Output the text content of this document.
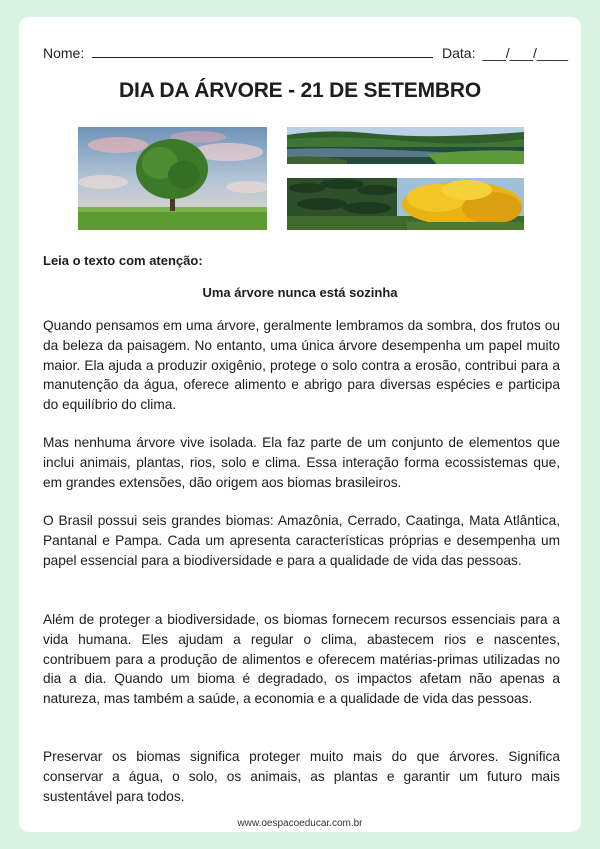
Nome:	Data: ___/___/____
DIA DA ÁRVORE - 21 DE SETEMBRO
Leia o texto com atenção:
Uma árvore nunca está sozinha

Quando pensamos em uma árvore, geralmente lembramos da sombra, dos frutos ou da beleza da paisagem. No entanto, uma única árvore desempenha um papel muito maior. Ela ajuda a produzir oxigênio, protege o solo contra a erosão, contribui para a manutenção da água, oferece alimento e abrigo para diversas espécies e participa do equilíbrio do clima.

Mas nenhuma árvore vive isolada. Ela faz parte de um conjunto de elementos que inclui animais, plantas, rios, solo e clima. Essa interação forma ecossistemas que, em grandes extensões, dão origem aos biomas brasileiros.

O Brasil possui seis grandes biomas: Amazônia, Cerrado, Caatinga, Mata Atlântica, Pantanal e Pampa. Cada um apresenta características próprias e desempenha um papel essencial para a biodiversidade e para a qualidade de vida das pessoas.

Além de proteger a biodiversidade, os biomas fornecem recursos essenciais para a vida humana. Eles ajudam a regular o clima, abastecem rios e nascentes, contribuem para a produção de alimentos e oferecem matérias-primas utilizadas no dia a dia. Quando um bioma é degradado, os impactos afetam não apenas a natureza, mas também a saúde, a economia e a qualidade de vida das pessoas.

Preservar os biomas significa proteger muito mais do que árvores. Significa conservar a água, o solo, os animais, as plantas e garantir um futuro mais sustentável para todos.

www.oespacoeducar.com.br
